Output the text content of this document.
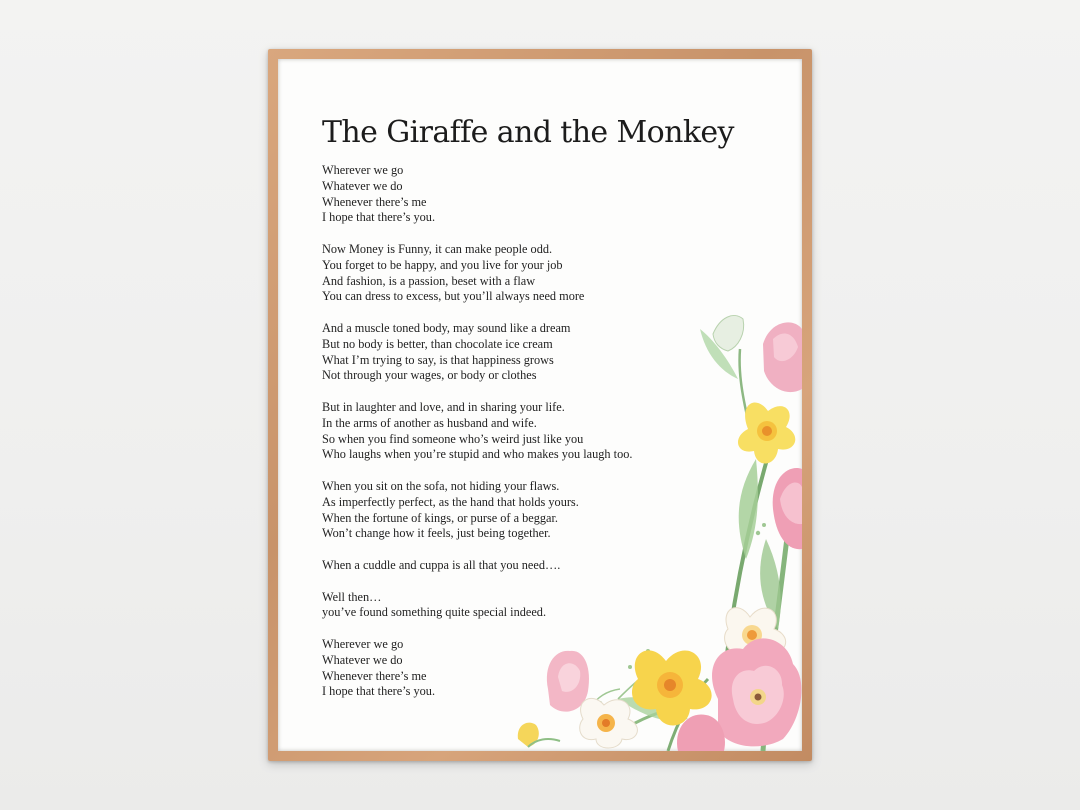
The Giraffe and the Monkey

Wherever we go
Whatever we do
Whenever there’s me
I hope that there’s you.

Now Money is Funny, it can make people odd.
You forget to be happy, and you live for your job
And fashion, is a passion, beset with a flaw
You can dress to excess, but you’ll always need more

And a muscle toned body, may sound like a dream
But no body is better, than chocolate ice cream
What I’m trying to say, is that happiness grows
Not through your wages, or body or clothes

But in laughter and love, and in sharing your life.
In the arms of another as husband and wife.
So when you find someone who’s weird just like you
Who laughs when you’re stupid and who makes you laugh too.

When you sit on the sofa, not hiding your flaws.
As imperfectly perfect, as the hand that holds yours.
When the fortune of kings, or purse of a beggar.
Won’t change how it feels, just being together.

When a cuddle and cuppa is all that you need….

Well then…
you’ve found something quite special indeed.

Wherever we go
Whatever we do
Whenever there’s me
I hope that there’s you.
